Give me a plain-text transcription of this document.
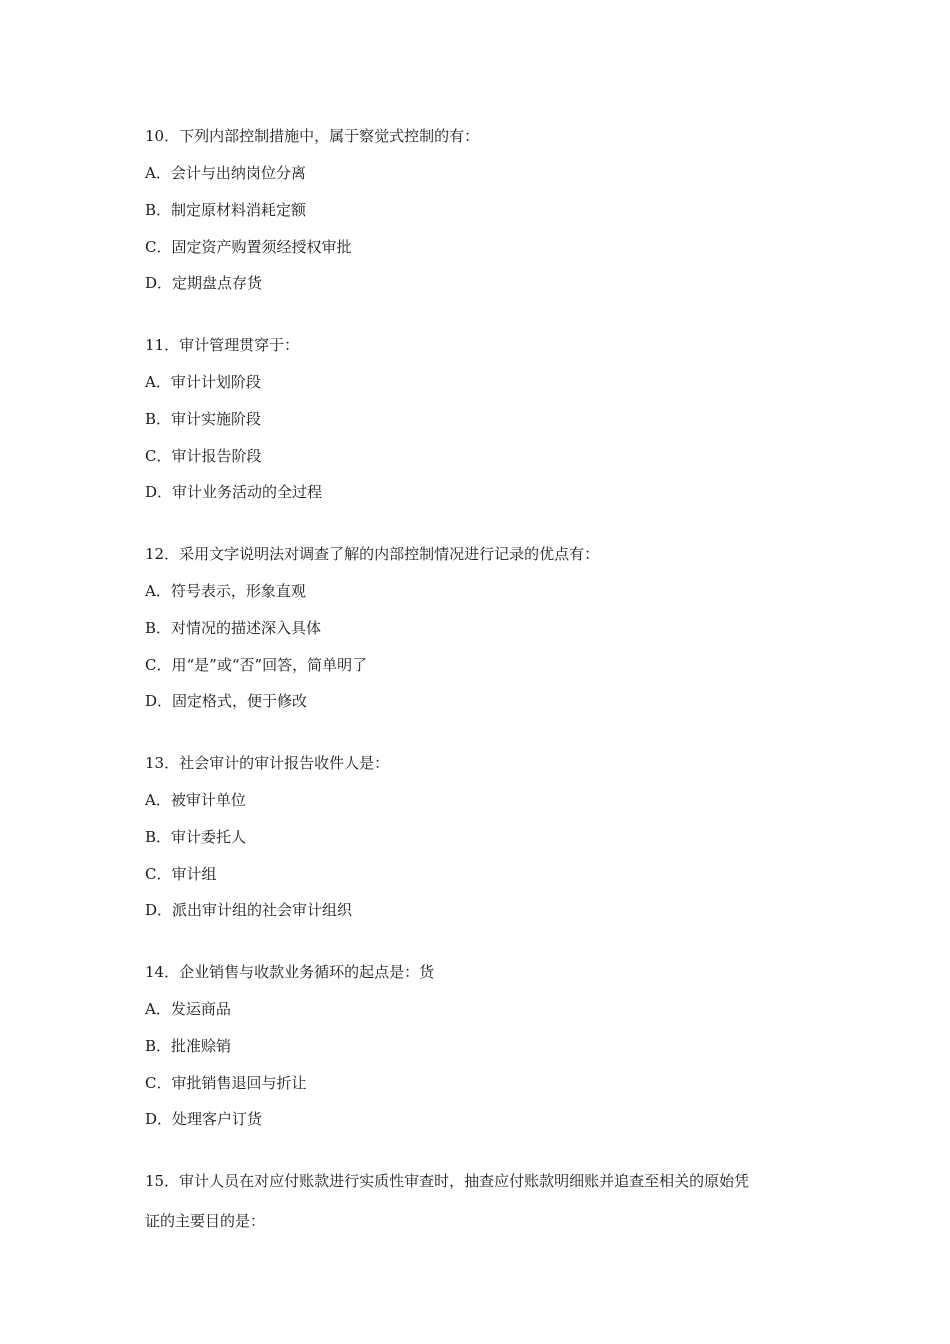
10．下列内部控制措施中，属于察觉式控制的有：
A．会计与出纳岗位分离
B．制定原材料消耗定额
C．固定资产购置须经授权审批
D．定期盘点存货
11．审计管理贯穿于：
A．审计计划阶段
B．审计实施阶段
C．审计报告阶段
D．审计业务活动的全过程
12．采用文字说明法对调查了解的内部控制情况进行记录的优点有：
A．符号表示，形象直观
B．对情况的描述深入具体
C．用“是”或“否”回答，简单明了
D．固定格式，便于修改
13．社会审计的审计报告收件人是：
A．被审计单位
B．审计委托人
C．审计组
D．派出审计组的社会审计组织
14．企业销售与收款业务循环的起点是：货
A．发运商品
B．批准赊销
C．审批销售退回与折让
D．处理客户订货
15．审计人员在对应付账款进行实质性审查时，抽查应付账款明细账并追查至相关的原始凭
证的主要目的是：
